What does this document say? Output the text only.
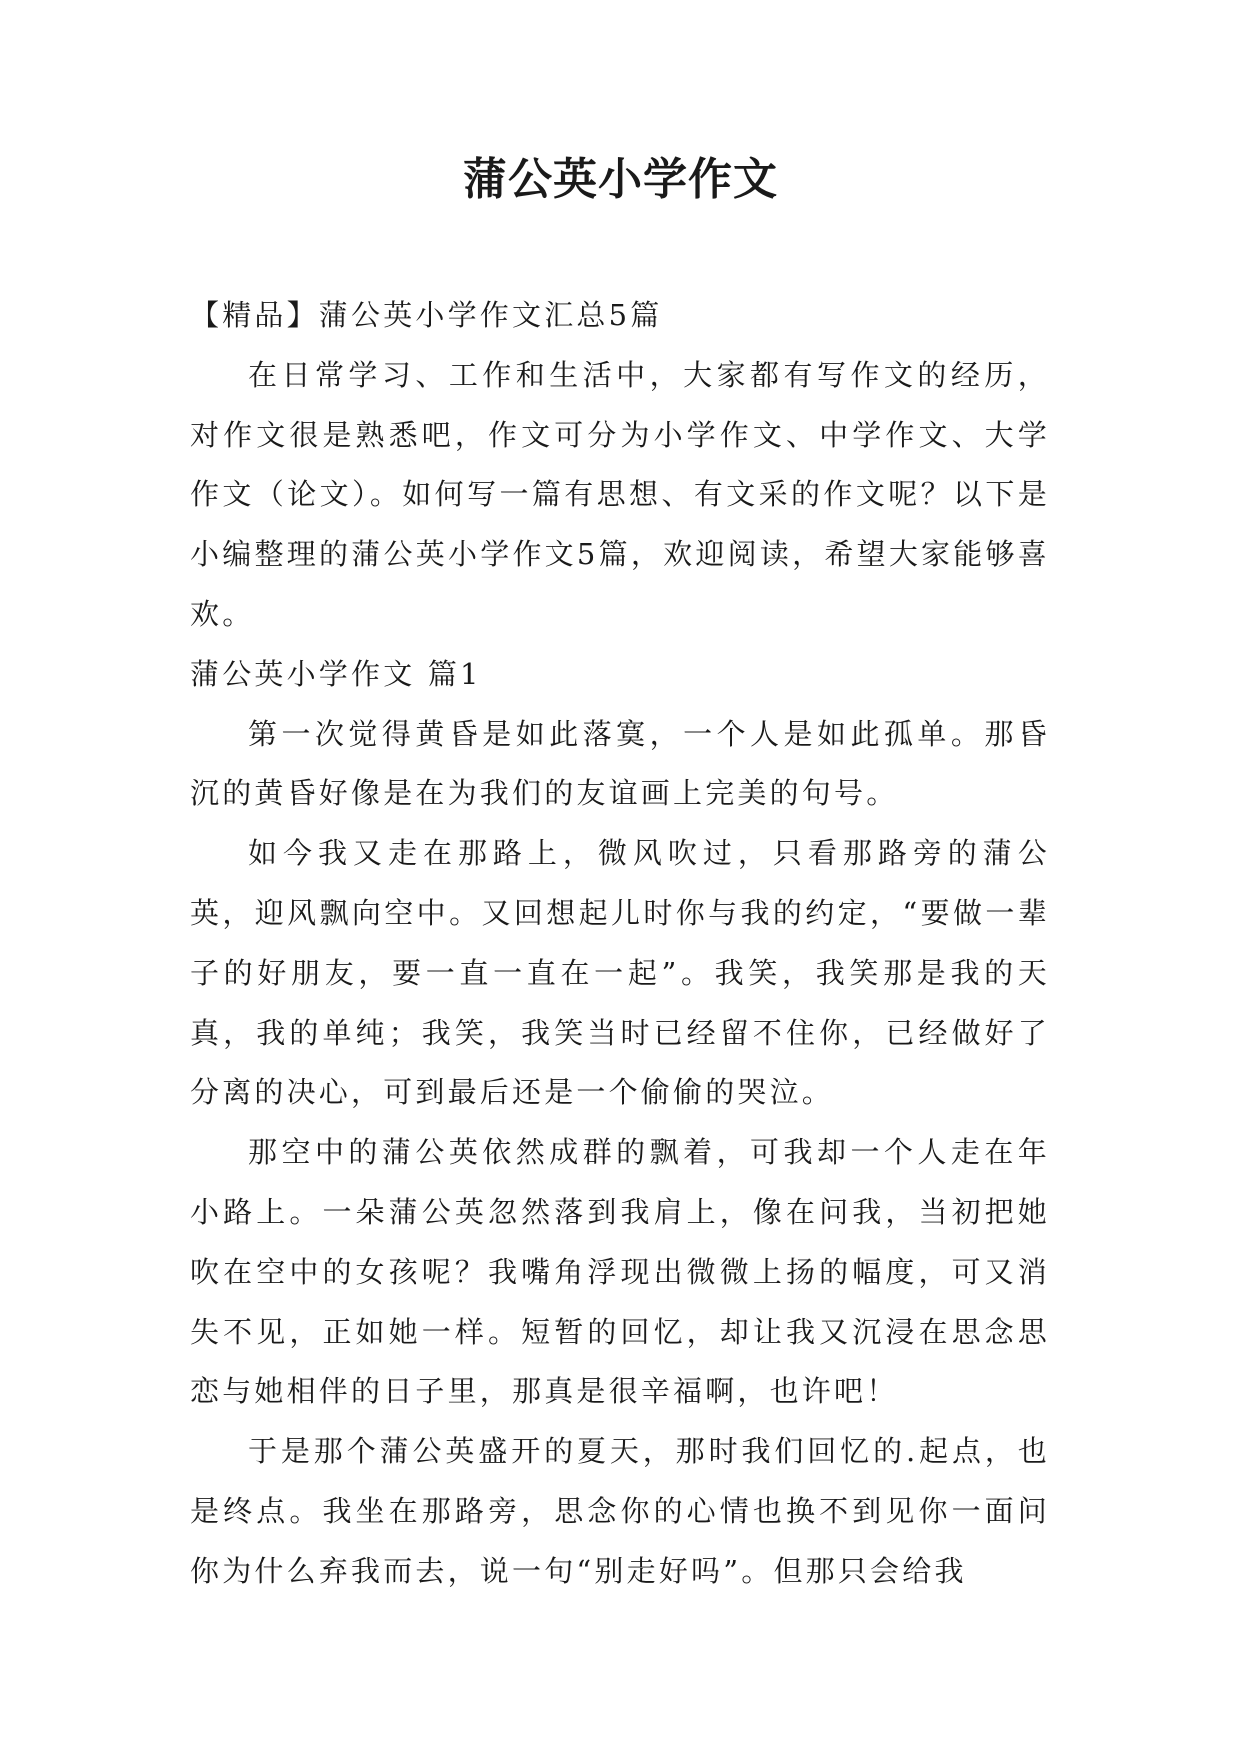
蒲公英小学作文

【精品】蒲公英小学作文汇总5篇

在日常学习、工作和生活中，大家都有写作文的经历，对作文很是熟悉吧，作文可分为小学作文、中学作文、大学作文（论文）。如何写一篇有思想、有文采的作文呢？以下是小编整理的蒲公英小学作文5篇，欢迎阅读，希望大家能够喜欢。

蒲公英小学作文 篇1

第一次觉得黄昏是如此落寞，一个人是如此孤单。那昏沉的黄昏好像是在为我们的友谊画上完美的句号。

如今我又走在那路上，微风吹过，只看那路旁的蒲公英，迎风飘向空中。又回想起儿时你与我的约定，“要做一辈子的好朋友，要一直一直在一起”。我笑，我笑那是我的天真，我的单纯；我笑，我笑当时已经留不住你，已经做好了分离的决心，可到最后还是一个偷偷的哭泣。

那空中的蒲公英依然成群的飘着，可我却一个人走在年小路上。一朵蒲公英忽然落到我肩上，像在问我，当初把她吹在空中的女孩呢？我嘴角浮现出微微上扬的幅度，可又消失不见，正如她一样。短暂的回忆，却让我又沉浸在思念思恋与她相伴的日子里，那真是很辛福啊，也许吧！

于是那个蒲公英盛开的夏天，那时我们回忆的.起点，也是终点。我坐在那路旁，思念你的心情也换不到见你一面问你为什么弃我而去，说一句“别走好吗”。但那只会给我
